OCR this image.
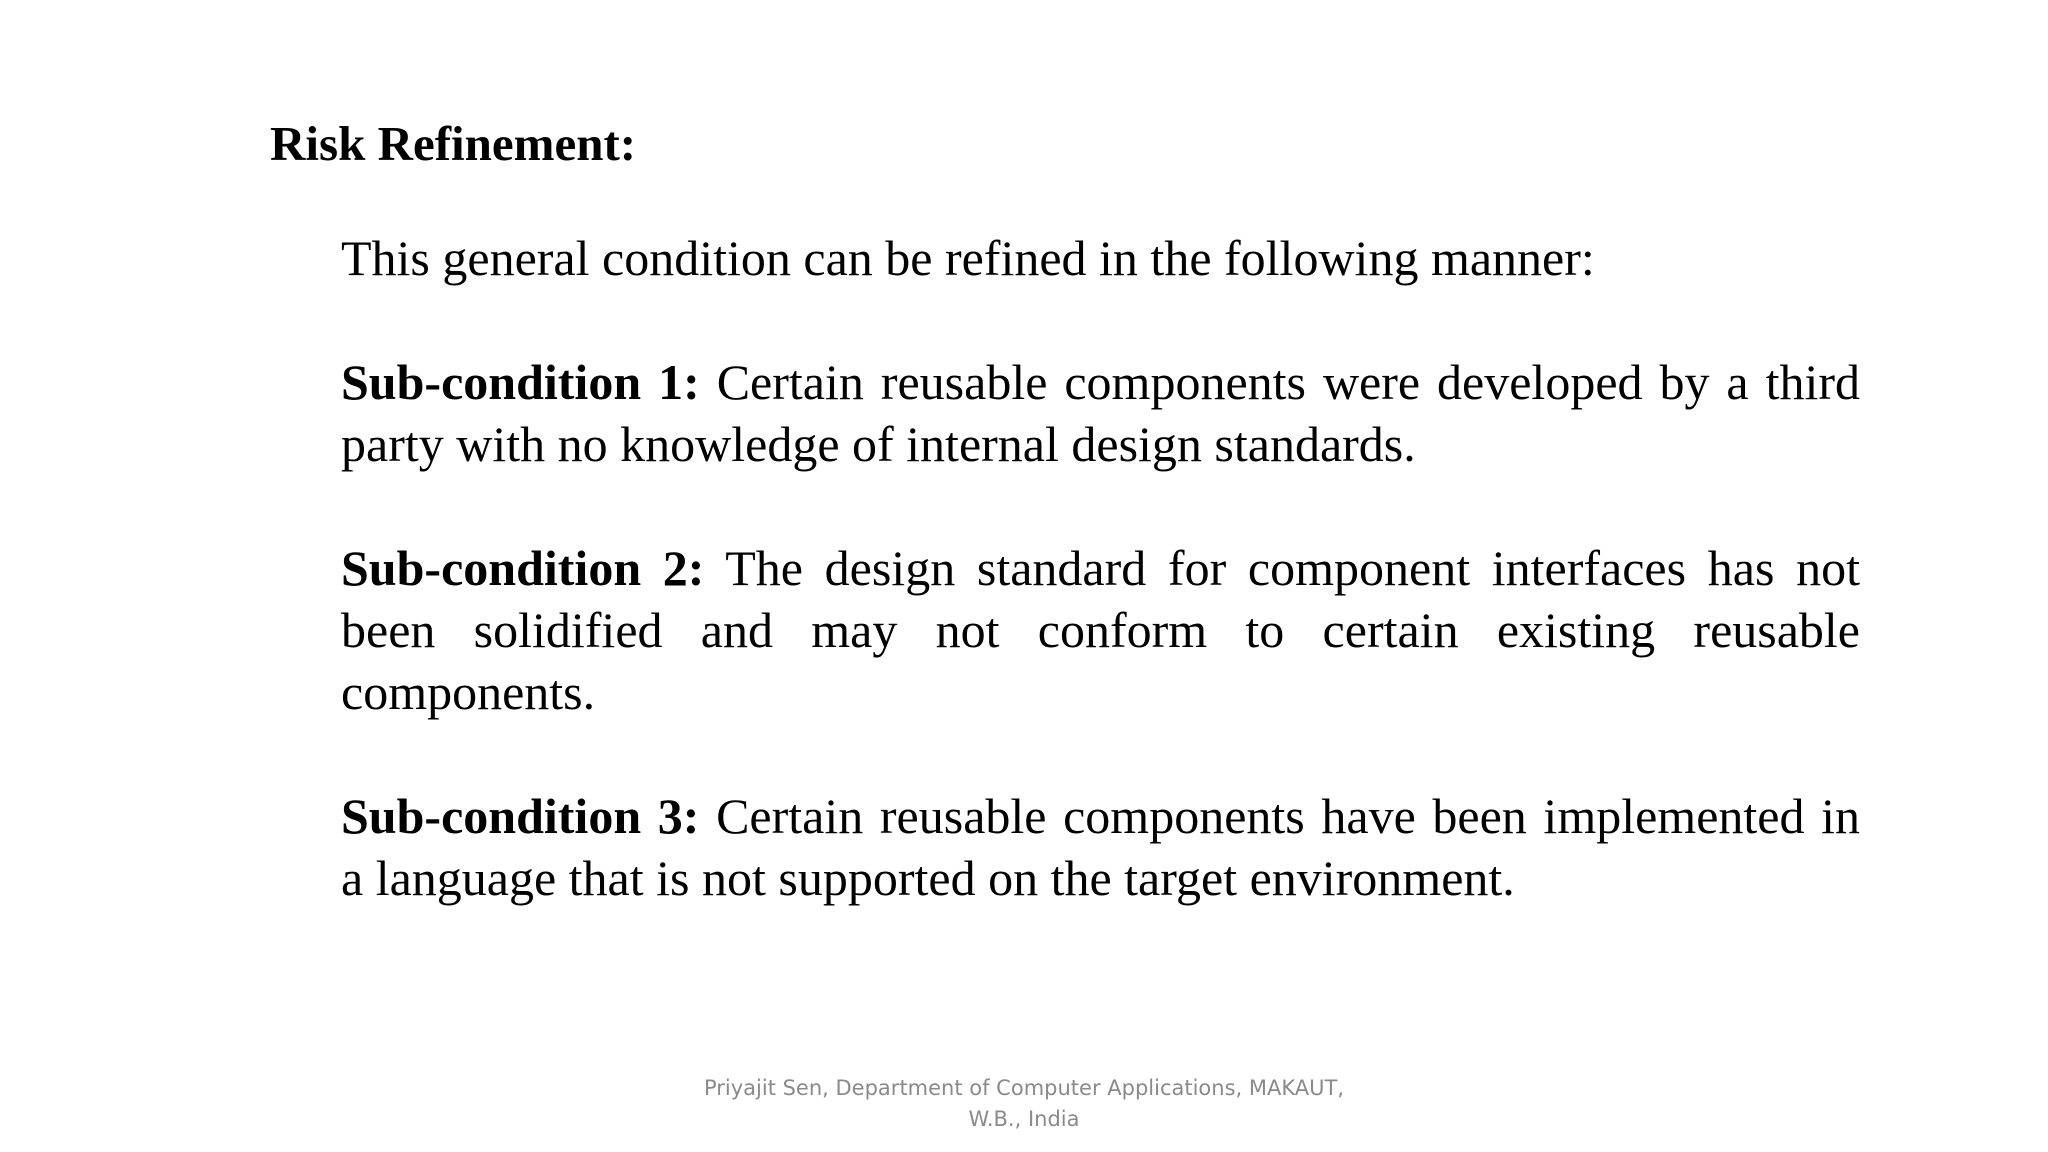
Risk Refinement:

This general condition can be refined in the following manner:

Sub-condition 1: Certain reusable components were developed by a third party with no knowledge of internal design standards.

Sub-condition 2: The design standard for component interfaces has not been solidified and may not conform to certain existing reusable components.

Sub-condition 3: Certain reusable components have been implemented in a language that is not supported on the target environment.

Priyajit Sen, Department of Computer Applications, MAKAUT,
W.B., India
